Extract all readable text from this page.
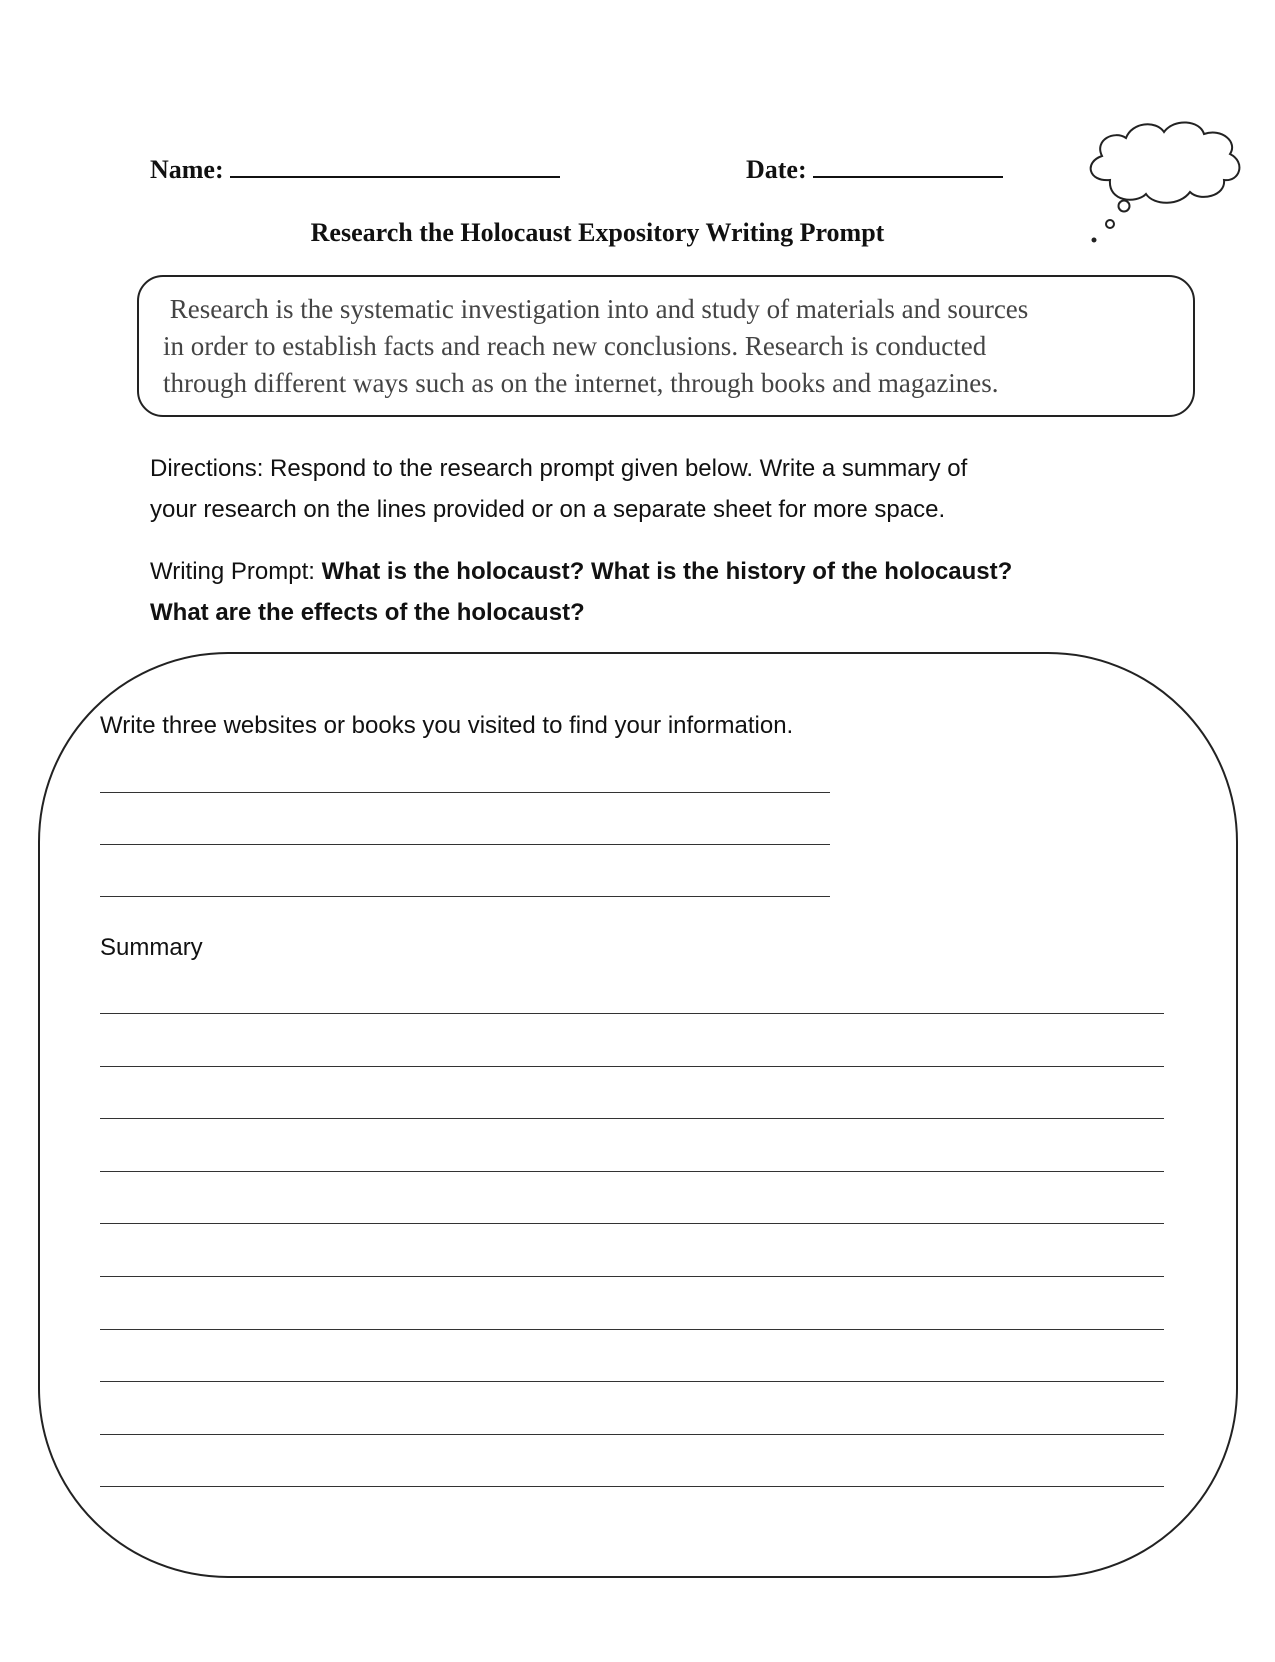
Name:	Date:
Research the Holocaust Expository Writing Prompt
Research is the systematic investigation into and study of materials and sources
in order to establish facts and reach new conclusions. Research is conducted
through different ways such as on the internet, through books and magazines.
Directions: Respond to the research prompt given below. Write a summary of
your research on the lines provided or on a separate sheet for more space.
Writing Prompt: What is the holocaust? What is the history of the holocaust?
What are the effects of the holocaust?
Write three websites or books you visited to find your information.
Summary
